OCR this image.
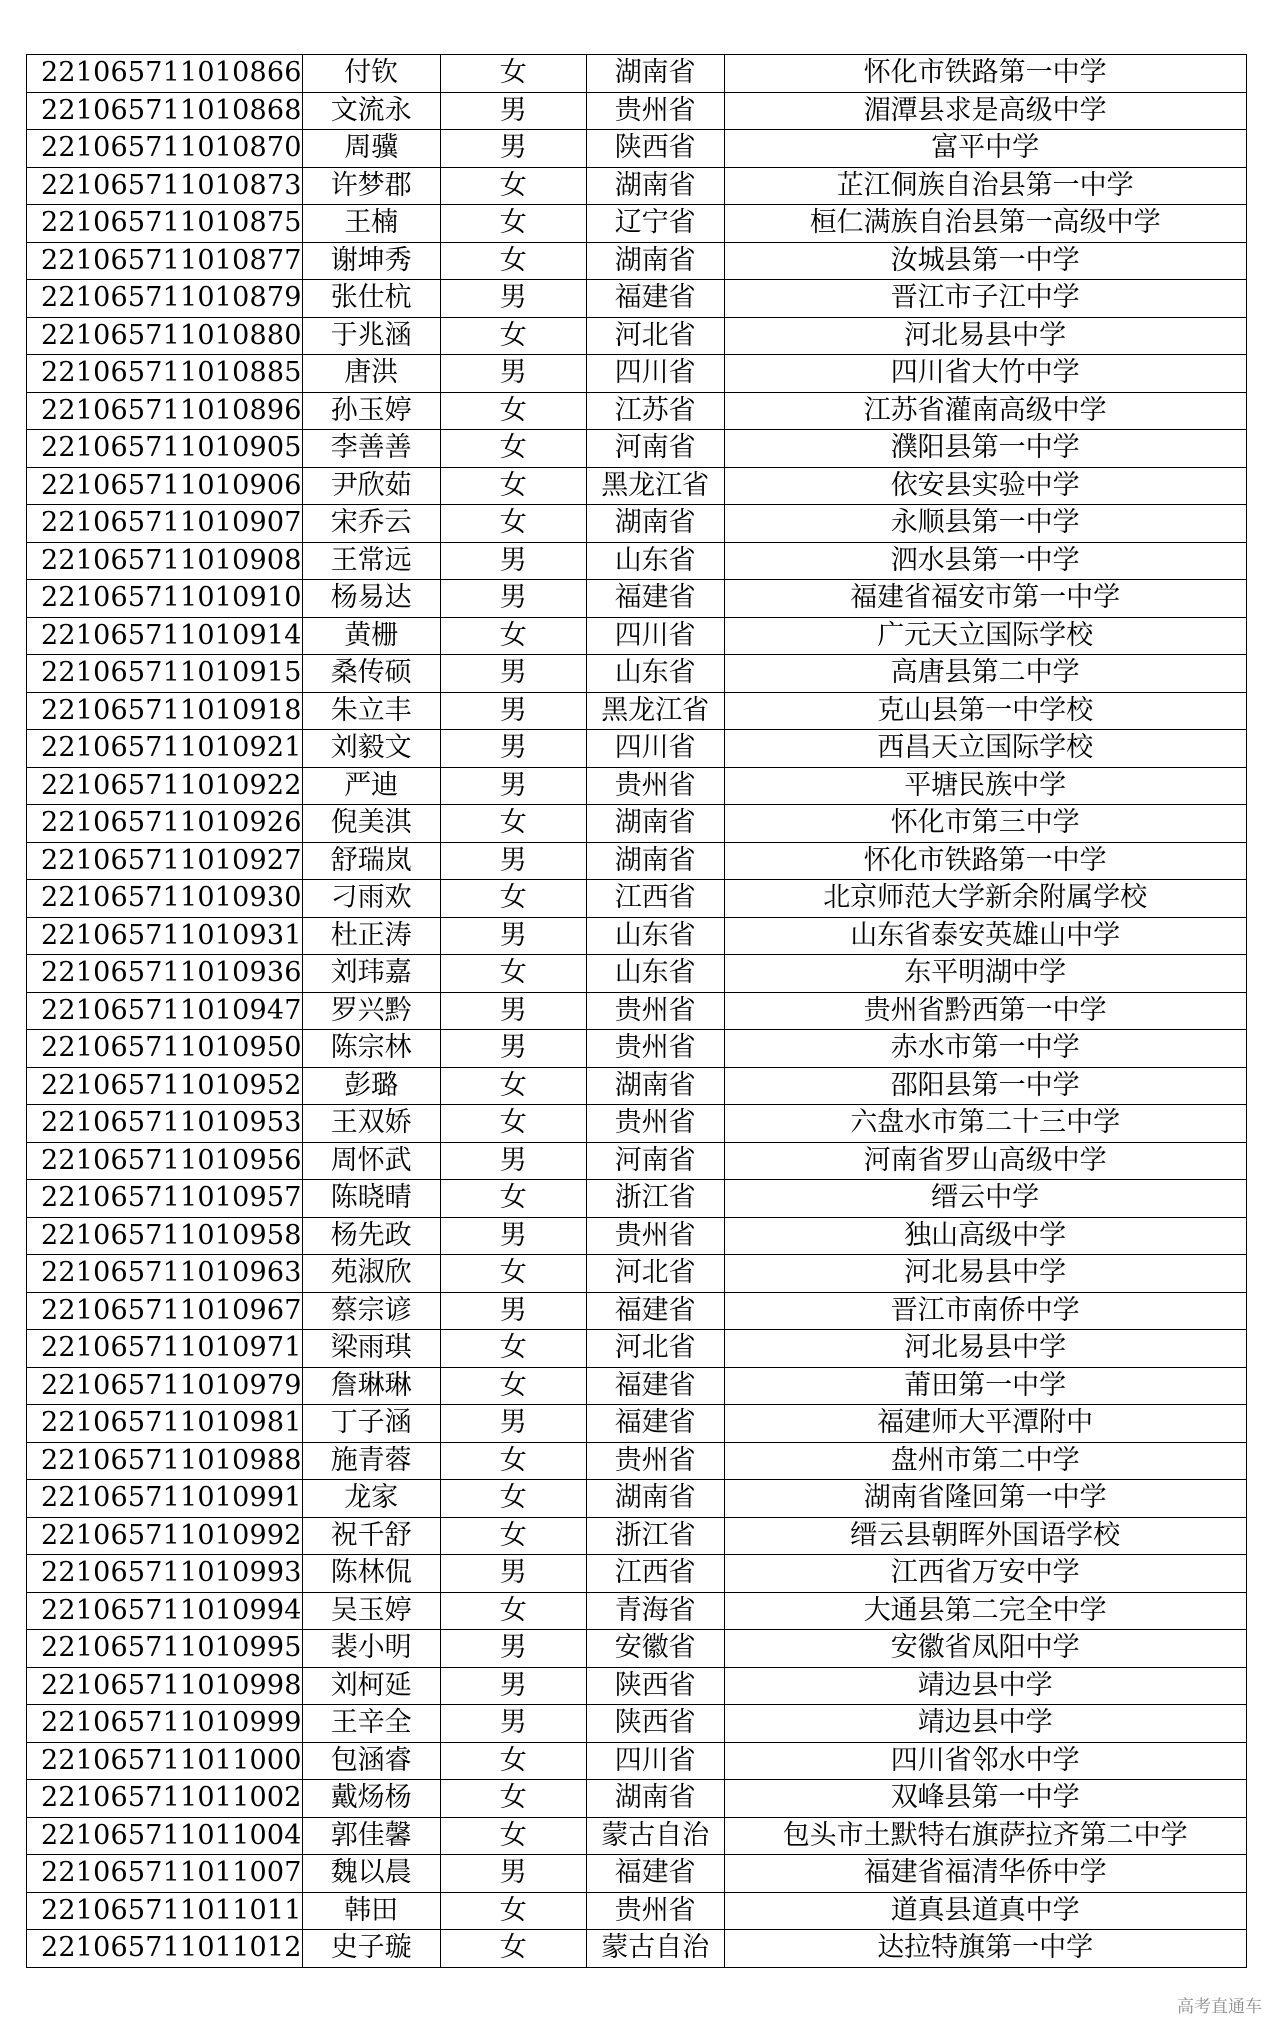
221065711010866	付钦	女	湖南省	怀化市铁路第一中学
221065711010868	文流永	男	贵州省	湄潭县求是高级中学
221065711010870	周骥	男	陕西省	富平中学
221065711010873	许梦郡	女	湖南省	芷江侗族自治县第一中学
221065711010875	王楠	女	辽宁省	桓仁满族自治县第一高级中学
221065711010877	谢坤秀	女	湖南省	汝城县第一中学
221065711010879	张仕杭	男	福建省	晋江市子江中学
221065711010880	于兆涵	女	河北省	河北易县中学
221065711010885	唐洪	男	四川省	四川省大竹中学
221065711010896	孙玉婷	女	江苏省	江苏省灌南高级中学
221065711010905	李善善	女	河南省	濮阳县第一中学
221065711010906	尹欣茹	女	黑龙江省	依安县实验中学
221065711010907	宋乔云	女	湖南省	永顺县第一中学
221065711010908	王常远	男	山东省	泗水县第一中学
221065711010910	杨易达	男	福建省	福建省福安市第一中学
221065711010914	黄栅	女	四川省	广元天立国际学校
221065711010915	桑传硕	男	山东省	高唐县第二中学
221065711010918	朱立丰	男	黑龙江省	克山县第一中学校
221065711010921	刘毅文	男	四川省	西昌天立国际学校
221065711010922	严迪	男	贵州省	平塘民族中学
221065711010926	倪美淇	女	湖南省	怀化市第三中学
221065711010927	舒瑞岚	男	湖南省	怀化市铁路第一中学
221065711010930	刁雨欢	女	江西省	北京师范大学新余附属学校
221065711010931	杜正涛	男	山东省	山东省泰安英雄山中学
221065711010936	刘玮嘉	女	山东省	东平明湖中学
221065711010947	罗兴黔	男	贵州省	贵州省黔西第一中学
221065711010950	陈宗林	男	贵州省	赤水市第一中学
221065711010952	彭璐	女	湖南省	邵阳县第一中学
221065711010953	王双娇	女	贵州省	六盘水市第二十三中学
221065711010956	周怀武	男	河南省	河南省罗山高级中学
221065711010957	陈晓晴	女	浙江省	缙云中学
221065711010958	杨先政	男	贵州省	独山高级中学
221065711010963	苑淑欣	女	河北省	河北易县中学
221065711010967	蔡宗谚	男	福建省	晋江市南侨中学
221065711010971	梁雨琪	女	河北省	河北易县中学
221065711010979	詹琳琳	女	福建省	莆田第一中学
221065711010981	丁子涵	男	福建省	福建师大平潭附中
221065711010988	施青蓉	女	贵州省	盘州市第二中学
221065711010991	龙家	女	湖南省	湖南省隆回第一中学
221065711010992	祝千舒	女	浙江省	缙云县朝晖外国语学校
221065711010993	陈林侃	男	江西省	江西省万安中学
221065711010994	吴玉婷	女	青海省	大通县第二完全中学
221065711010995	裴小明	男	安徽省	安徽省凤阳中学
221065711010998	刘柯延	男	陕西省	靖边县中学
221065711010999	王辛全	男	陕西省	靖边县中学
221065711011000	包涵睿	女	四川省	四川省邻水中学
221065711011002	戴炀杨	女	湖南省	双峰县第一中学
221065711011004	郭佳馨	女	蒙古自治	包头市土默特右旗萨拉齐第二中学
221065711011007	魏以晨	男	福建省	福建省福清华侨中学
221065711011011	韩田	女	贵州省	道真县道真中学
221065711011012	史子璇	女	蒙古自治	达拉特旗第一中学
高考直通车
